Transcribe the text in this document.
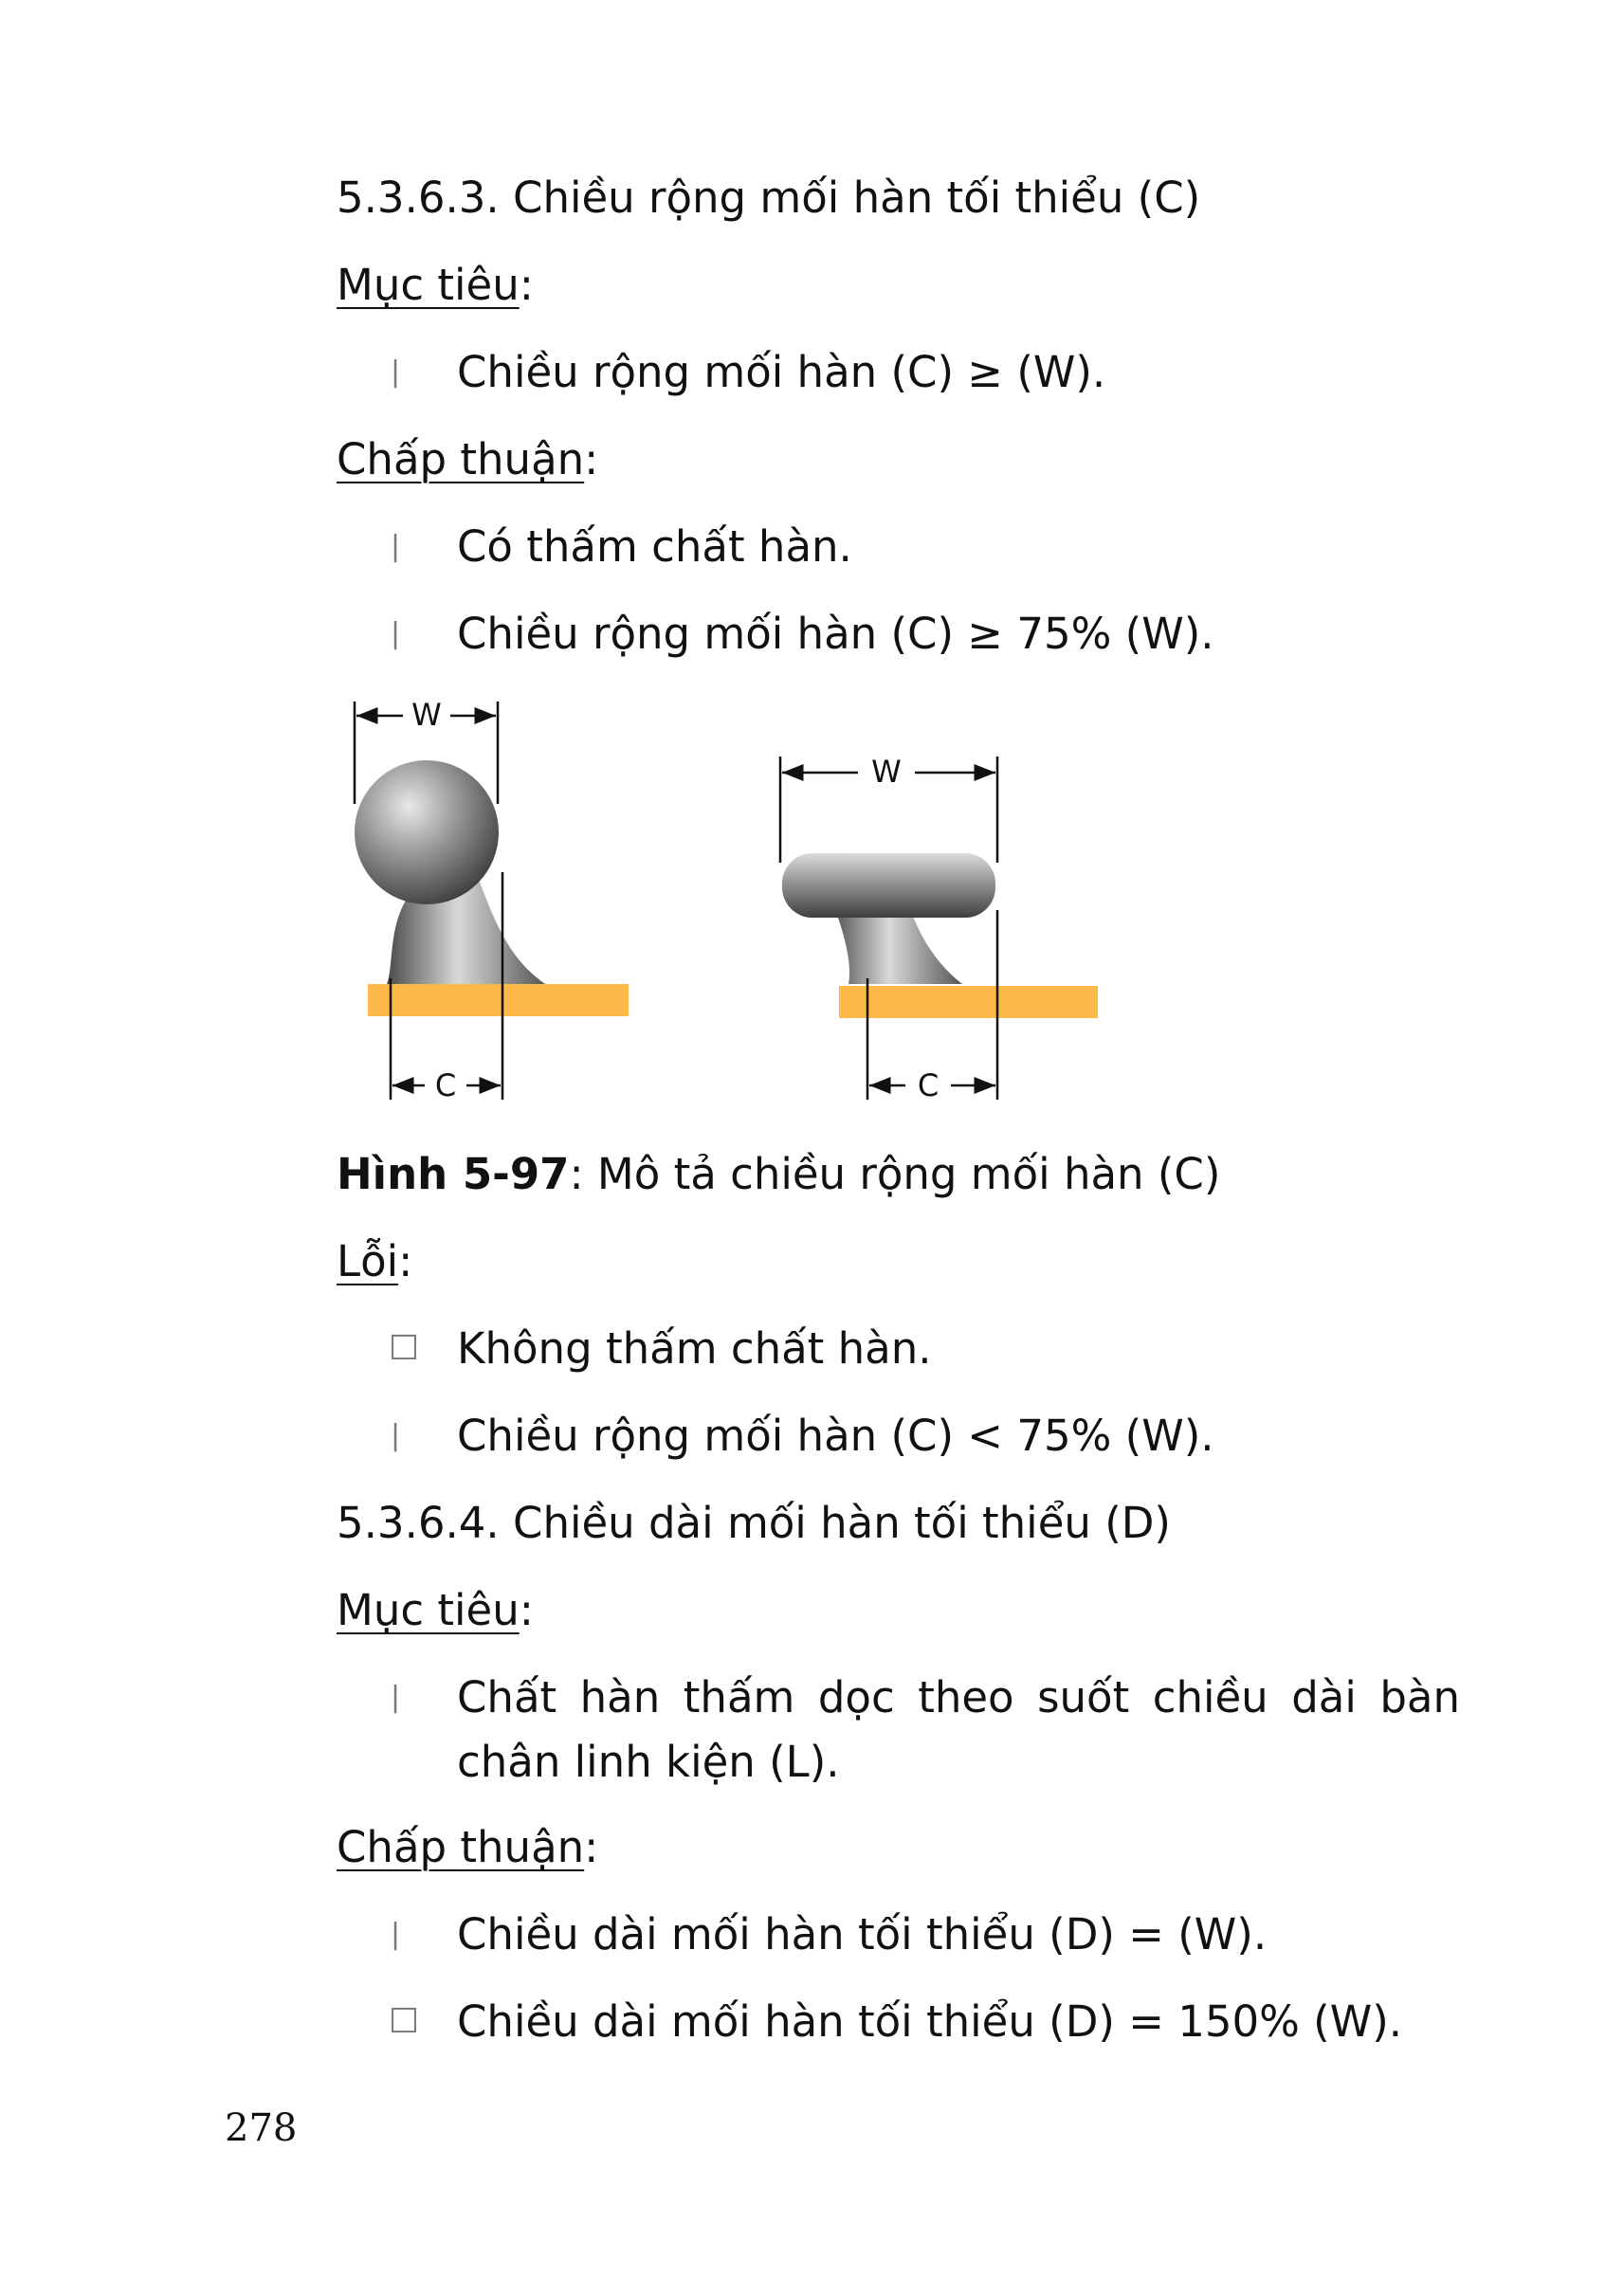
5.3.6.3. Chiều rộng mối hàn tối thiểu (C)
Mục tiêu:
| Chiều rộng mối hàn (C) ≥ (W).
Chấp thuận:
| Có thấm chất hàn.
| Chiều rộng mối hàn (C) ≥ 75% (W).
W
C
W
C
Hình 5-97: Mô tả chiều rộng mối hàn (C)
Lỗi:
☐ Không thấm chất hàn.
| Chiều rộng mối hàn (C) < 75% (W).
5.3.6.4. Chiều dài mối hàn tối thiểu (D)
Mục tiêu:
| Chất hàn thấm dọc theo suốt chiều dài bàn chân linh kiện (L).
Chấp thuận:
| Chiều dài mối hàn tối thiểu (D) = (W).
☐ Chiều dài mối hàn tối thiểu (D) = 150% (W).
278
